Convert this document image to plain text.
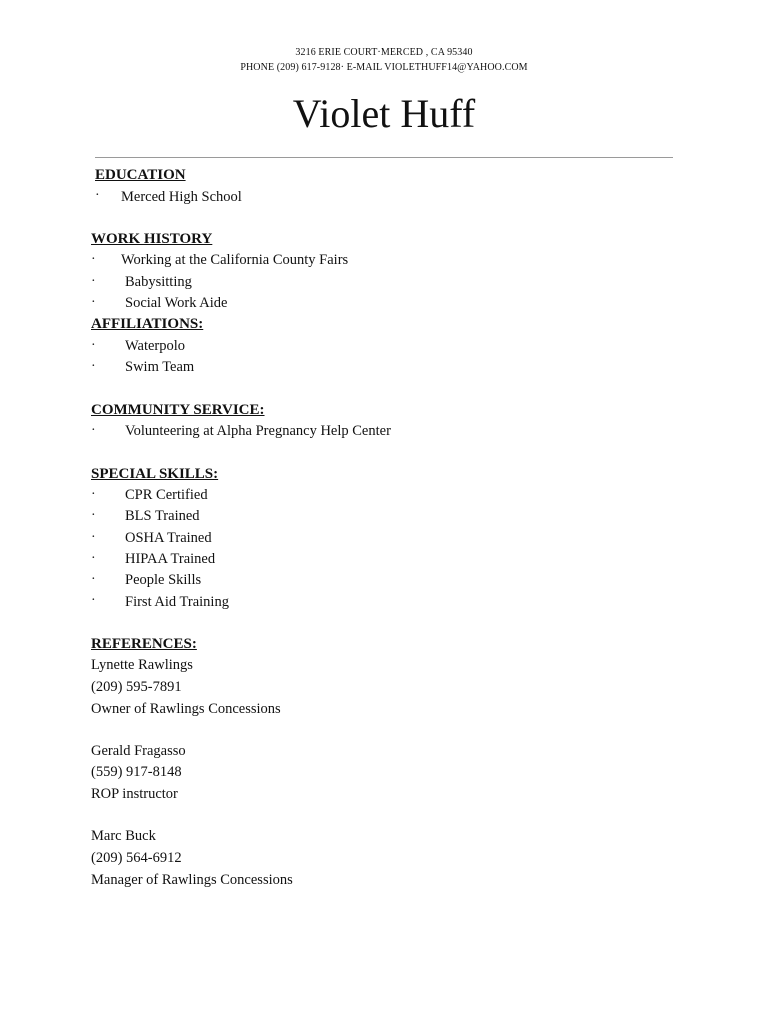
3216 ERIE COURT·MERCED , CA 95340
PHONE (209) 617-9128· E-MAIL VIOLETHUFF14@YAHOO.COM
Violet Huff
EDUCATION
· Merced High School
WORK HISTORY
· Working at the California County Fairs
· Babysitting
· Social Work Aide
AFFILIATIONS:
· Waterpolo
· Swim Team
COMMUNITY SERVICE:
· Volunteering at Alpha Pregnancy Help Center
SPECIAL SKILLS:
· CPR Certified
· BLS Trained
· OSHA Trained
· HIPAA Trained
· People Skills
· First Aid Training
REFERENCES:
Lynette Rawlings
(209) 595-7891
Owner of Rawlings Concessions
Gerald Fragasso
(559) 917-8148
ROP instructor
Marc Buck
(209) 564-6912
Manager of Rawlings Concessions
